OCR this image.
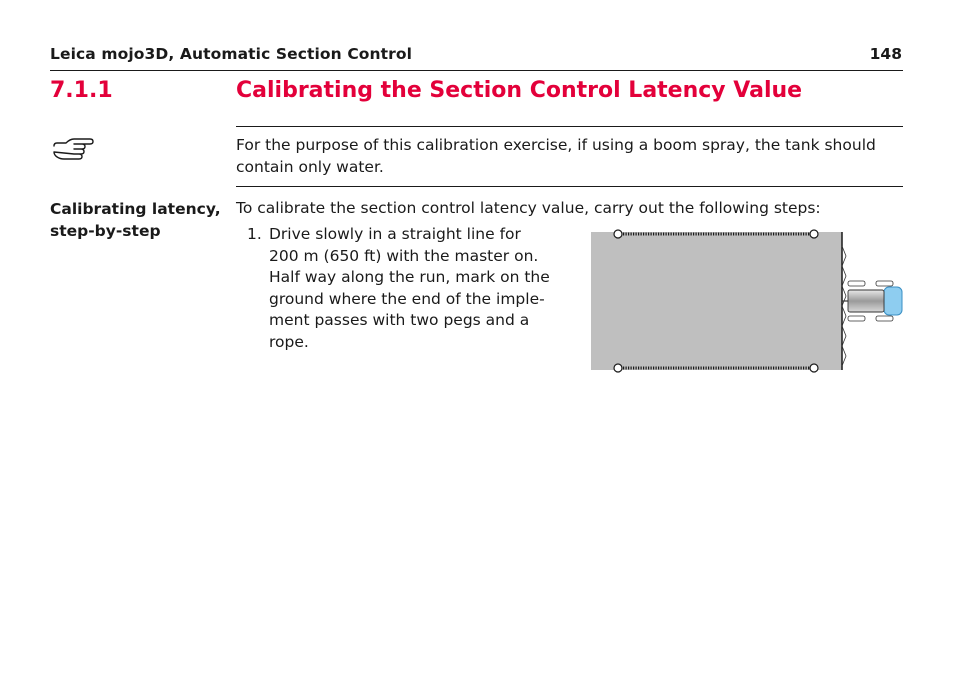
Leica mojo3D, Automatic Section Control	148
7.1.1	Calibrating the Section Control Latency Value
For the purpose of this calibration exercise, if using a boom spray, the tank should contain only water.
Calibrating latency, step-by-step
To calibrate the section control latency value, carry out the following steps:
1. Drive slowly in a straight line for
200 m (650 ft) with the master on.
Half way along the run, mark on the
ground where the end of the imple-
ment passes with two pegs and a
rope.
